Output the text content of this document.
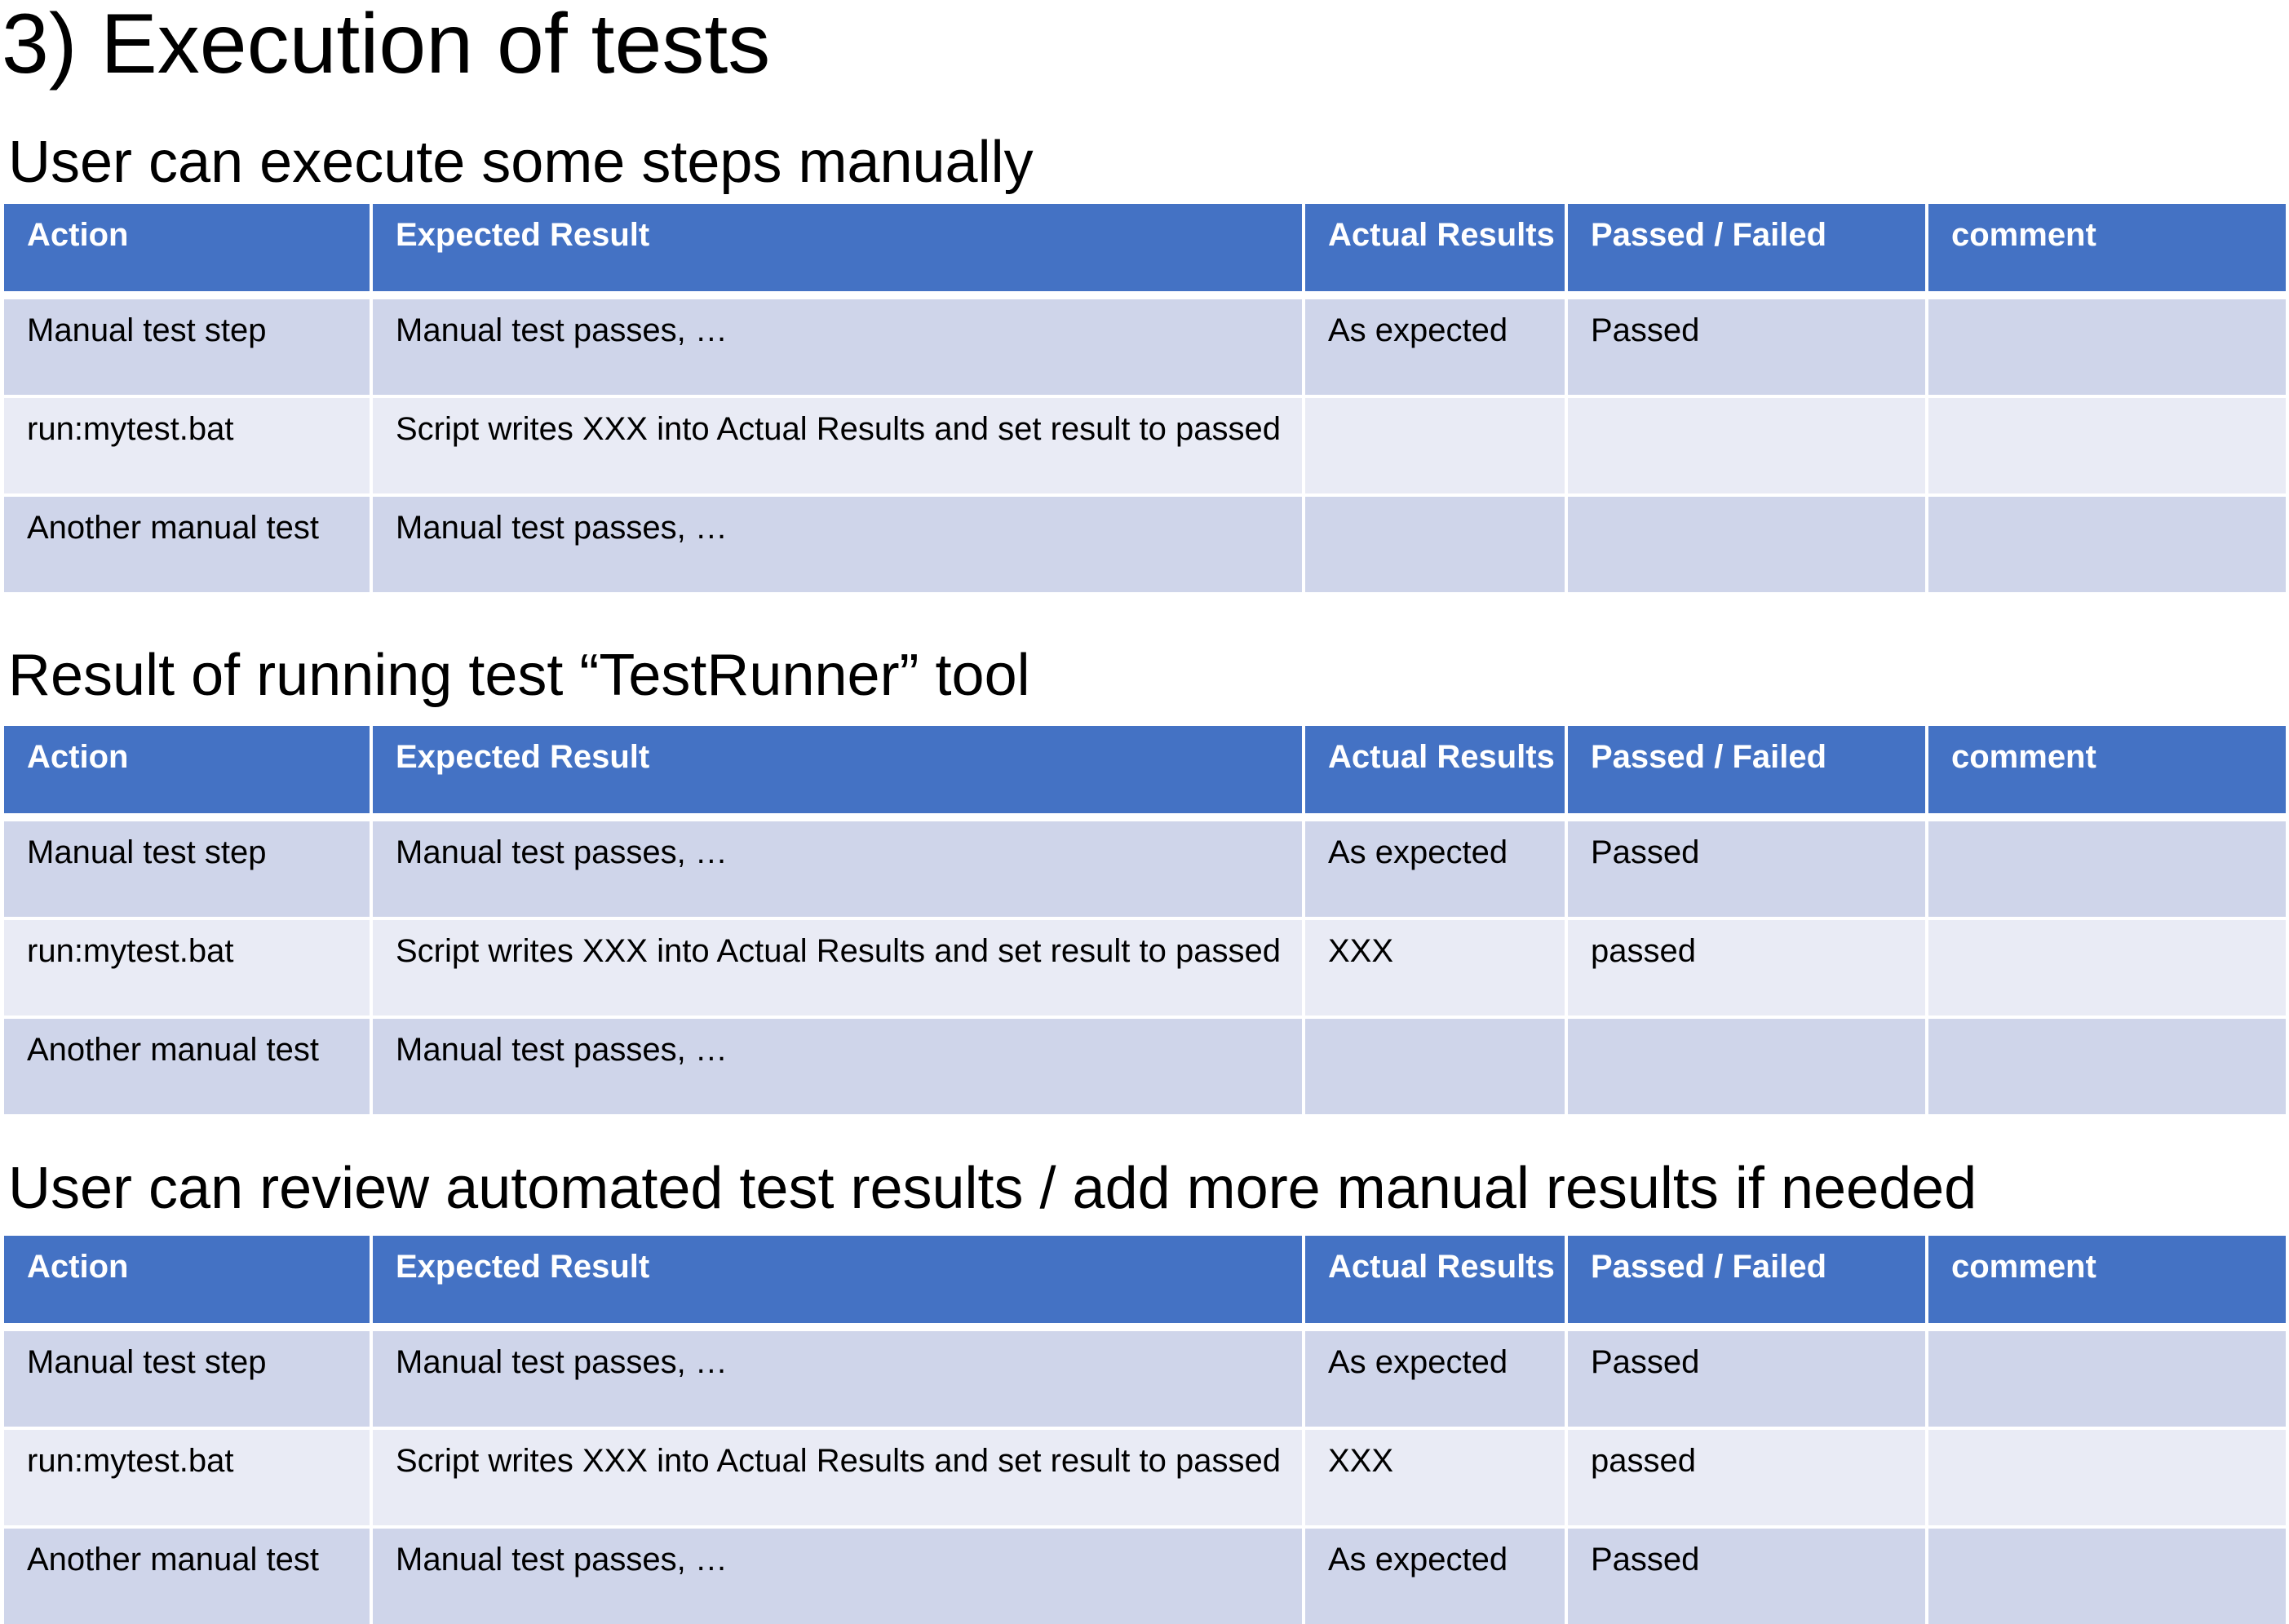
3) Execution of tests
User can execute some steps manually
Action	Expected Result	Actual Results	Passed / Failed	comment
Manual test step	Manual test passes, …	As expected	Passed	
run:mytest.bat	Script writes XXX into Actual Results and set result to passed			
Another manual test	Manual test passes, …			
Result of running test “TestRunner” tool
Action	Expected Result	Actual Results	Passed / Failed	comment
Manual test step	Manual test passes, …	As expected	Passed	
run:mytest.bat	Script writes XXX into Actual Results and set result to passed	XXX	passed	
Another manual test	Manual test passes, …			
User can review automated test results / add more manual results if needed
Action	Expected Result	Actual Results	Passed / Failed	comment
Manual test step	Manual test passes, …	As expected	Passed	
run:mytest.bat	Script writes XXX into Actual Results and set result to passed	XXX	passed	
Another manual test	Manual test passes, …	As expected	Passed	
